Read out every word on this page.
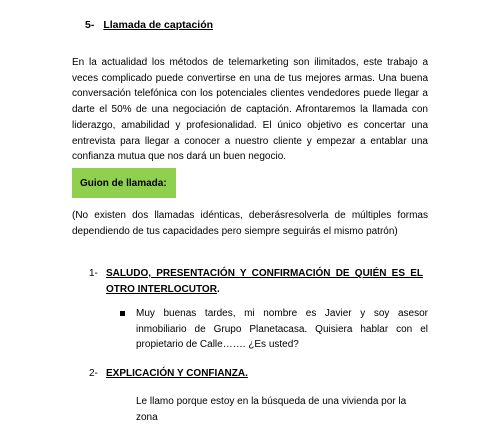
5- Llamada de captación

En la actualidad los métodos de telemarketing son ilimitados, este trabajo a veces complicado puede convertirse en una de tus mejores armas. Una buena conversación telefónica con los potenciales clientes vendedores puede llegar a darte el 50% de una negociación de captación. Afrontaremos la llamada con liderazgo, amabilidad y profesionalidad. El único objetivo es concertar una entrevista para llegar a conocer a nuestro cliente y empezar a entablar una confianza mutua que nos dará un buen negocio.

Guion de llamada:

(No existen dos llamadas idénticas, deberásresolverla de múltiples formas dependiendo de tus capacidades pero siempre seguirás el mismo patrón)

1- SALUDO, PRESENTACIÓN Y CONFIRMACIÓN DE QUIÉN ES EL OTRO INTERLOCUTOR.
Muy buenas tardes, mi nombre es Javier y soy asesor inmobiliario de Grupo Planetacasa. Quisiera hablar con el propietario de Calle……. ¿Es usted?
2- EXPLICACIÓN Y CONFIANZA.
Le llamo porque estoy en la búsqueda de una vivienda por la zona
